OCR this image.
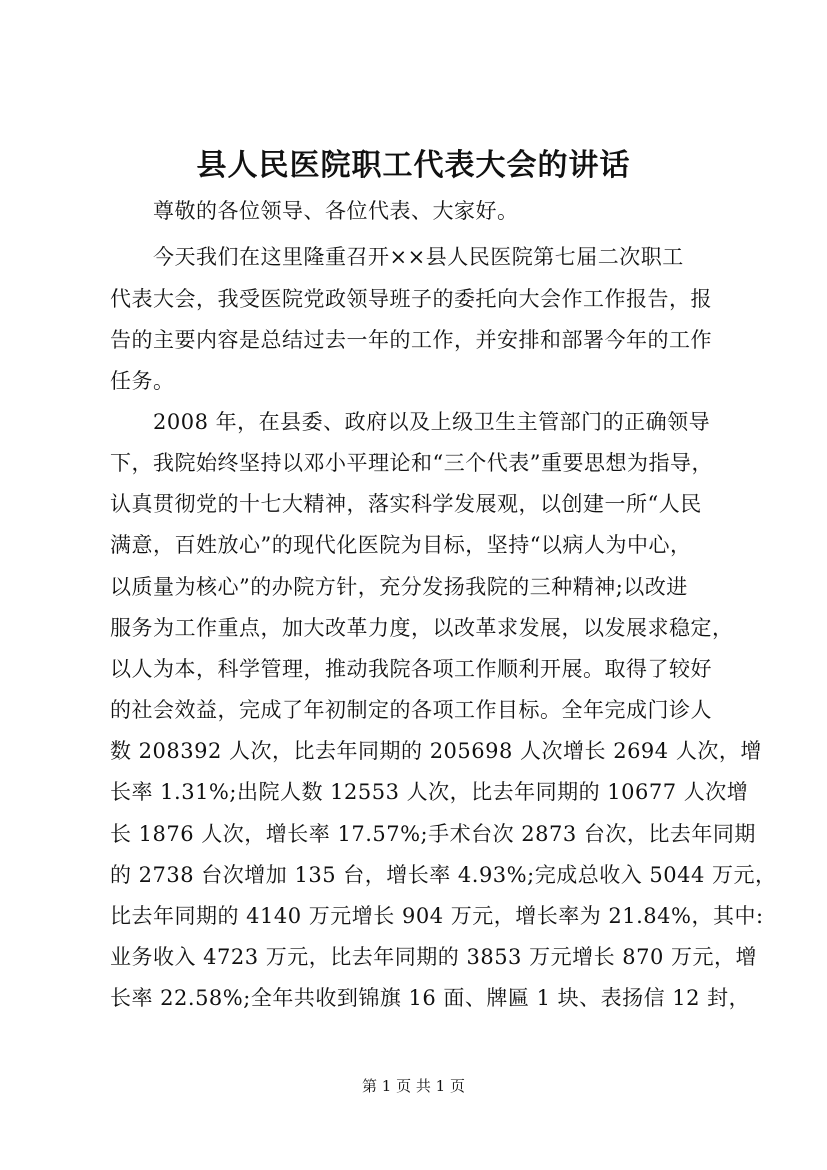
县人民医院职工代表大会的讲话
尊敬的各位领导、各位代表、大家好。
今天我们在这里隆重召开××县人民医院第七届二次职工
代表大会，我受医院党政领导班子的委托向大会作工作报告，报
告的主要内容是总结过去一年的工作，并安排和部署今年的工作
任务。
2008 年，在县委、政府以及上级卫生主管部门的正确领导
下，我院始终坚持以邓小平理论和“三个代表”重要思想为指导，
认真贯彻党的十七大精神，落实科学发展观，以创建一所“人民
满意，百姓放心”的现代化医院为目标，坚持“以病人为中心，
以质量为核心”的办院方针，充分发扬我院的三种精神;以改进
服务为工作重点，加大改革力度，以改革求发展，以发展求稳定，
以人为本，科学管理，推动我院各项工作顺利开展。取得了较好
的社会效益，完成了年初制定的各项工作目标。全年完成门诊人
数 208392 人次，比去年同期的 205698 人次增长 2694 人次，增
长率 1.31%;出院人数 12553 人次，比去年同期的 10677 人次增
长 1876 人次，增长率 17.57%;手术台次 2873 台次，比去年同期
的 2738 台次增加 135 台，增长率 4.93%;完成总收入 5044 万元，
比去年同期的 4140 万元增长 904 万元，增长率为 21.84%，其中:
业务收入 4723 万元，比去年同期的 3853 万元增长 870 万元，增
长率 22.58%;全年共收到锦旗 16 面、牌匾 1 块、表扬信 12 封，
第 1 页 共 1 页
